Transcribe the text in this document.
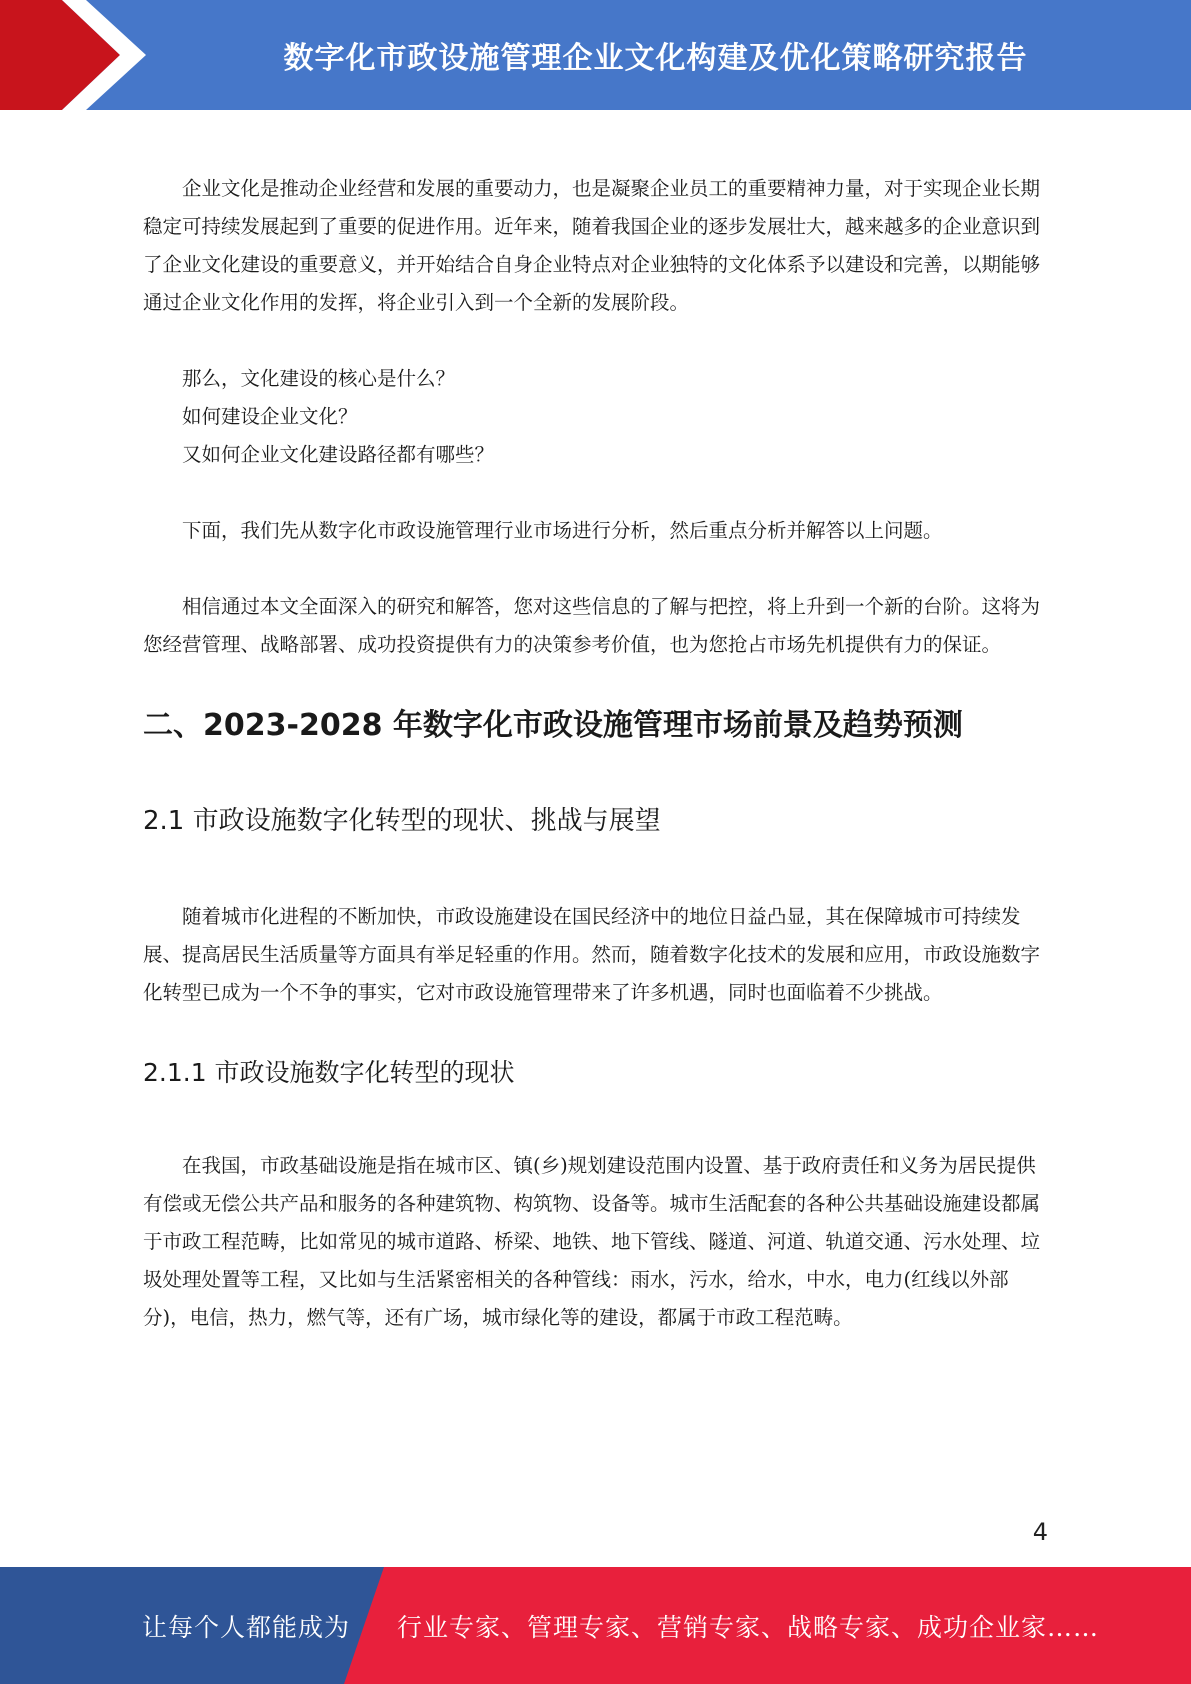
数字化市政设施管理企业文化构建及优化策略研究报告

企业文化是推动企业经营和发展的重要动力，也是凝聚企业员工的重要精神力量，对于实现企业长期稳定可持续发展起到了重要的促进作用。近年来，随着我国企业的逐步发展壮大，越来越多的企业意识到了企业文化建设的重要意义，并开始结合自身企业特点对企业独特的文化体系予以建设和完善，以期能够通过企业文化作用的发挥，将企业引入到一个全新的发展阶段。

那么，文化建设的核心是什么？

如何建设企业文化？

又如何企业文化建设路径都有哪些？

下面，我们先从数字化市政设施管理行业市场进行分析，然后重点分析并解答以上问题。

相信通过本文全面深入的研究和解答，您对这些信息的了解与把控，将上升到一个新的台阶。这将为您经营管理、战略部署、成功投资提供有力的决策参考价值，也为您抢占市场先机提供有力的保证。

二、2023-2028 年数字化市政设施管理市场前景及趋势预测
2.1 市政设施数字化转型的现状、挑战与展望

随着城市化进程的不断加快，市政设施建设在国民经济中的地位日益凸显，其在保障城市可持续发展、提高居民生活质量等方面具有举足轻重的作用。然而，随着数字化技术的发展和应用，市政设施数字化转型已成为一个不争的事实，它对市政设施管理带来了许多机遇，同时也面临着不少挑战。

2.1.1 市政设施数字化转型的现状

在我国，市政基础设施是指在城市区、镇(乡)规划建设范围内设置、基于政府责任和义务为居民提供有偿或无偿公共产品和服务的各种建筑物、构筑物、设备等。城市生活配套的各种公共基础设施建设都属于市政工程范畴，比如常见的城市道路、桥梁、地铁、地下管线、隧道、河道、轨道交通、污水处理、垃圾处理处置等工程，又比如与生活紧密相关的各种管线：雨水，污水，给水，中水，电力(红线以外部分)，电信，热力，燃气等，还有广场，城市绿化等的建设，都属于市政工程范畴。

4
让每个人都能成为 行业专家、管理专家、营销专家、战略专家、成功企业家……
